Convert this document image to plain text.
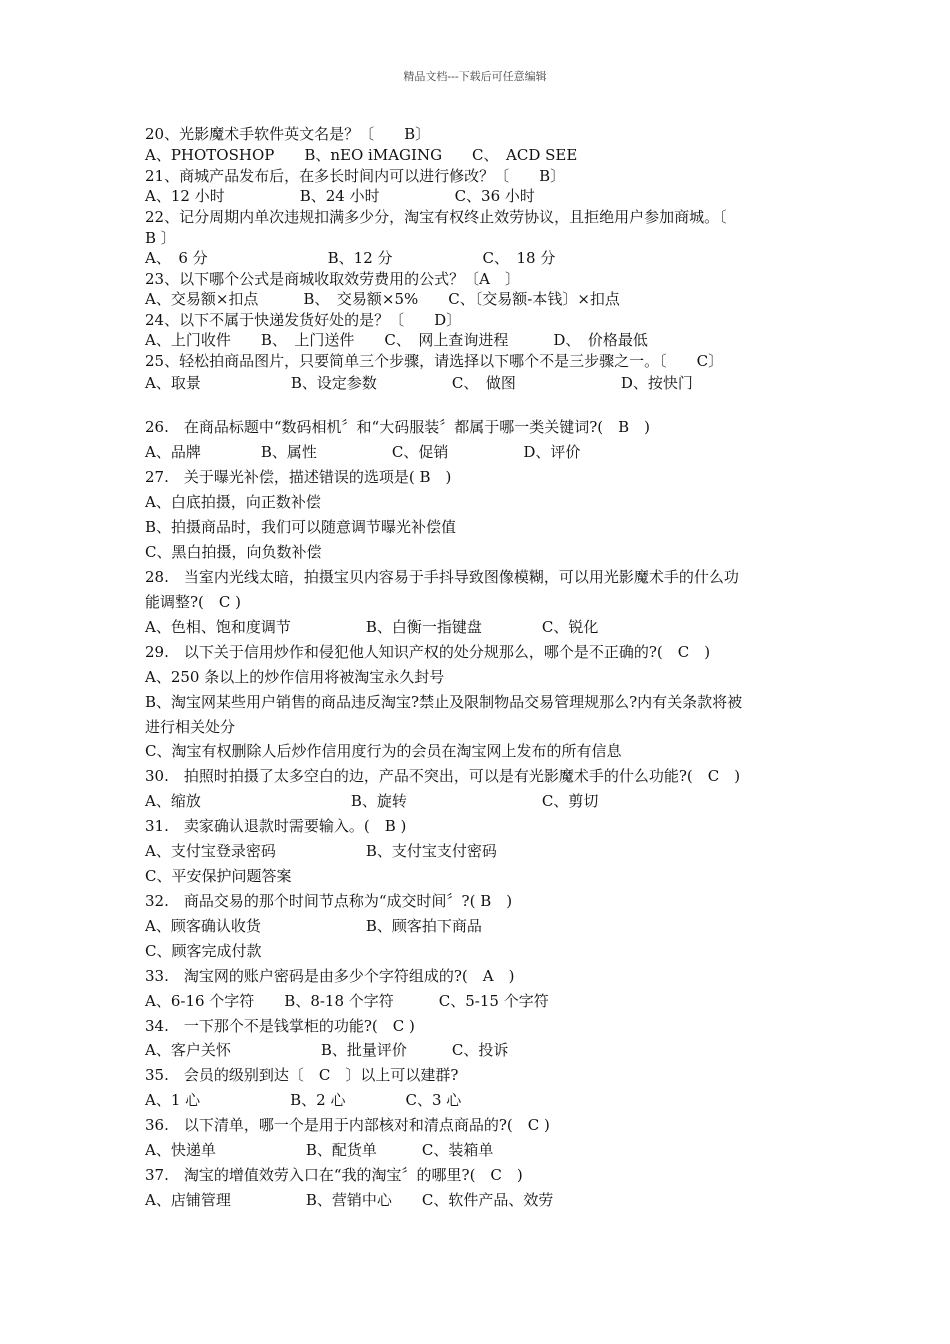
精品文档---下载后可任意编辑
20、光影魔术手软件英文名是？〔　　B〕
A、PHOTOSHOP　　B、nEO iMAGING　　C、　ACD SEE
21、商城产品发布后，在多长时间内可以进行修改？〔　　B〕
A、12 小时　　　　　B、24 小时　　　　　C、36 小时
22、记分周期内单次违规扣满多少分，淘宝有权终止效劳协议，且拒绝用户参加商城。〔
B 〕
A、　6 分　　　　　　　　B、12 分　　　　　　C、　18 分
23、以下哪个公式是商城收取效劳费用的公式？〔A　〕
A、交易额×扣点　　　B、　交易额×5%　　C、〔交易额-本钱〕×扣点
24、以下不属于快递发货好处的是？〔　　D〕
A、上门收件　　B、　上门送件　　C、　网上查询进程　　　D、　价格最低
25、轻松拍商品图片，只要简单三个步骤，请选择以下哪个不是三步骤之一。〔　　C〕
A、取景　　　　　　B、设定参数　　　　　C、　做图　　　　　　　D、按快门
26.　在商品标题中“数码相机〞和“大码服装〞都属于哪一类关键词?(　B　)
A、品牌　　　　B、属性　　　　　C、促销　　　　　D、评价
27.　关于曝光补偿，描述错误的选项是( B　)
A、白底拍摄，向正数补偿
B、拍摄商品时，我们可以随意调节曝光补偿值
C、黑白拍摄，向负数补偿
28.　当室内光线太暗，拍摄宝贝内容易于手抖导致图像模糊，可以用光影魔术手的什么功
能调整?(　C )
A、色相、饱和度调节　　　　　B、白衡一指键盘　　　　C、锐化
29.　以下关于信用炒作和侵犯他人知识产权的处分规那么，哪个是不正确的?(　C　)
A、250 条以上的炒作信用将被淘宝永久封号
B、淘宝网某些用户销售的商品违反淘宝?禁止及限制物品交易管理规那么?内有关条款将被
进行相关处分
C、淘宝有权删除人后炒作信用度行为的会员在淘宝网上发布的所有信息
30.　拍照时拍摄了太多空白的边，产品不突出，可以是有光影魔术手的什么功能?(　C　)
A、缩放　　　　　　　　　　B、旋转　　　　　　　　　C、剪切
31.　卖家确认退款时需要输入。(　B )
A、支付宝登录密码　　　　　　B、支付宝支付密码
C、平安保护问题答案
32.　商品交易的那个时间节点称为“成交时间〞?( B　)
A、顾客确认收货　　　　　　　B、顾客拍下商品
C、顾客完成付款
33.　淘宝网的账户密码是由多少个字符组成的?(　A　)
A、6-16 个字符　　B、8-18 个字符　　　C、5-15 个字符
34.　一下那个不是钱掌柜的功能?(　C )
A、客户关怀　　　　　　B、批量评价　　　C、投诉
35.　会员的级别到达〔　C　〕以上可以建群?
A、1 心　　　　　　B、2 心　　　　C、3 心
36.　以下清单，哪一个是用于内部核对和清点商品的?(　C )
A、快递单　　　　　　B、配货单　　　C、装箱单
37.　淘宝的增值效劳入口在“我的淘宝〞的哪里?(　C　)
A、店铺管理　　　　　B、营销中心　　C、软件产品、效劳
